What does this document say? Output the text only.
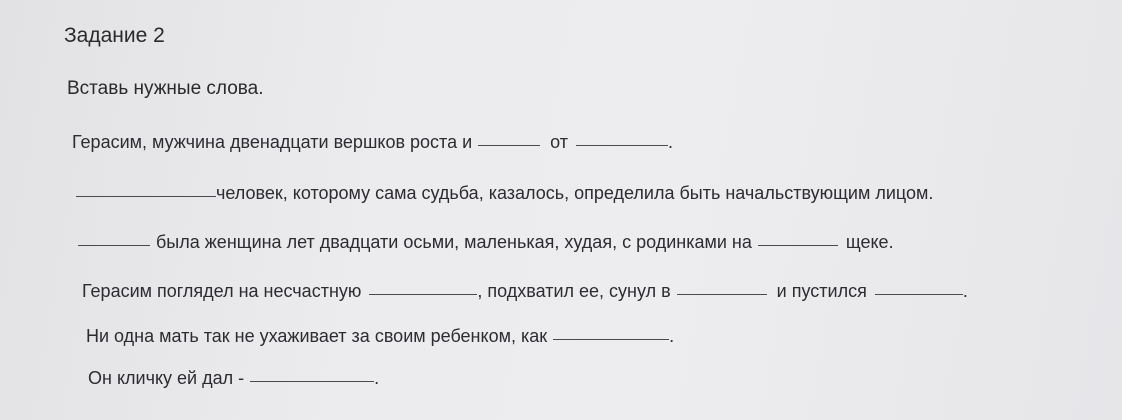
Задание 2
Вставь нужные слова.
Герасим, мужчина двенадцати вершков роста и	от	.
человек, которому сама судьба, казалось, определила быть начальствующим лицом.
была женщина лет двадцати осьми, маленькая, худая, с родинками на	щеке.
Герасим поглядел на несчастную	, подхватил ее, сунул в	и пустился	.
Ни одна мать так не ухаживает за своим ребенком, как	.
Он кличку ей дал -	.
